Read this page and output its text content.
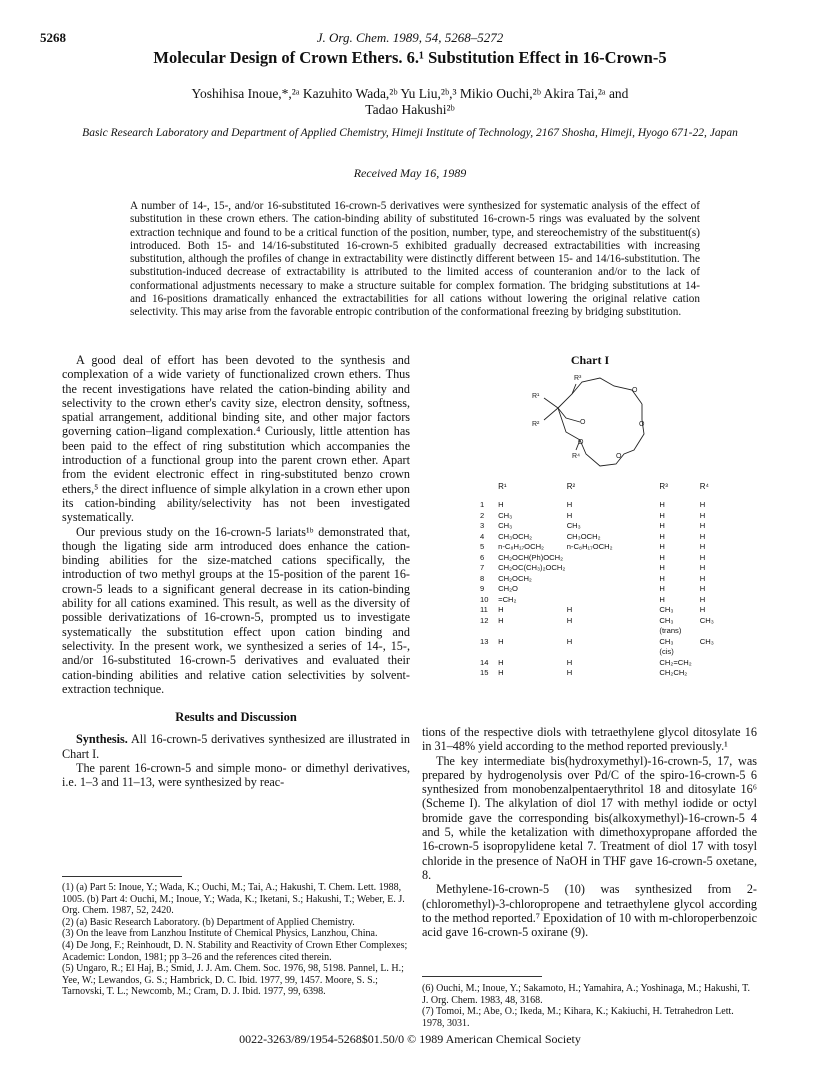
5268	J. Org. Chem. 1989, 54, 5268–5272
Molecular Design of Crown Ethers. 6.¹ Substitution Effect in 16-Crown-5
Yoshihisa Inoue,*,²ᵃ Kazuhito Wada,²ᵇ Yu Liu,²ᵇ,³ Mikio Ouchi,²ᵇ Akira Tai,²ᵃ and
Tadao Hakushi²ᵇ
Basic Research Laboratory and Department of Applied Chemistry, Himeji Institute of Technology, 2167 Shosha, Himeji, Hyogo 671-22, Japan
Received May 16, 1989
A number of 14-, 15-, and/or 16-substituted 16-crown-5 derivatives were synthesized for systematic analysis of the effect of substitution in these crown ethers. The cation-binding ability of substituted 16-crown-5 rings was evaluated by the solvent extraction technique and found to be a critical function of the position, number, type, and stereochemistry of the substituent(s) introduced. Both 15- and 14/16-substituted 16-crown-5 exhibited gradually decreased extractabilities with increasing substitution, although the profiles of change in extractability were distinctly different between 15- and 14/16-substitution. The substitution-induced decrease of extractability is attributed to the limited access of counteranion and/or to the lack of conformational adjustments necessary to make a structure suitable for complex formation. The bridging substitutions at 14- and 16-positions dramatically enhanced the extractabilities for all cations without lowering the original relative cation selectivity. This may arise from the favorable entropic contribution of the conformational freezing by bridging substitution.

A good deal of effort has been devoted to the synthesis and complexation of a wide variety of functionalized crown ethers. Thus the recent investigations have related the cation-binding ability and selectivity to the crown ether's cavity size, electron density, softness, spatial arrangement, additional binding site, and other major factors governing cation–ligand complexation.⁴ Curiously, little attention has been paid to the effect of ring substitution which accompanies the introduction of a functional group into the parent crown ether. Apart from the evident electronic effect in ring-substituted benzo crown ethers,⁵ the direct influence of simple alkylation in a crown ether upon its cation-binding ability/selectivity has not been investigated systematically.

Our previous study on the 16-crown-5 lariats¹ᵇ demonstrated that, though the ligating side arm introduced does enhance the cation-binding abilities for the size-matched cations specifically, the introduction of two methyl groups at the 15-position of the parent 16-crown-5 leads to a significant general decrease in its cation-binding ability for all cations examined. This result, as well as the diversity of possible derivatizations of 16-crown-5, prompted us to investigate systematically the substitution effect upon cation binding and selectivity. In the present work, we synthesized a series of 14-, 15-, and/or 16-substituted 16-crown-5 derivatives and evaluated their cation-binding abilities and relative cation selectivities by solvent-extraction technique.

Results and Discussion

Synthesis. All 16-crown-5 derivatives synthesized are illustrated in Chart I.

The parent 16-crown-5 and simple mono- or dimethyl derivatives, i.e. 1–3 and 11–13, were synthesized by reac-

(1) (a) Part 5: Inoue, Y.; Wada, K.; Ouchi, M.; Tai, A.; Hakushi, T. Chem. Lett. 1988, 1005. (b) Part 4: Ouchi, M.; Inoue, Y.; Wada, K.; Iketani, S.; Hakushi, T.; Weber, E. J. Org. Chem. 1987, 52, 2420.

(2) (a) Basic Research Laboratory. (b) Department of Applied Chemistry.

(3) On the leave from Lanzhou Institute of Chemical Physics, Lanzhou, China.

(4) De Jong, F.; Reinhoudt, D. N. Stability and Reactivity of Crown Ether Complexes; Academic: London, 1981; pp 3–26 and the references cited therein.

(5) Ungaro, R.; El Haj, B.; Smid, J. J. Am. Chem. Soc. 1976, 98, 5198. Pannel, L. H.; Yee, W.; Lewandos, G. S.; Hambrick, D. C. Ibid. 1977, 99, 1457. Moore, S. S.; Tarnovski, T. L.; Newcomb, M.; Cram, D. J. Ibid. 1977, 99, 6398.

Chart I
R³
R¹
R²
R⁴
O
O
O
O
O
	R¹	R²	R³	R⁴
1	H	H	H	H
2	CH₃	H	H	H
3	CH₃	CH₃	H	H
4	CH₃OCH₂	CH₃OCH₂	H	H
5	n-C₈H₁₇OCH₂	n-C₈H₁₇OCH₂	H	H
6	CH₂OCH(Ph)OCH₂		H	H
7	CH₂OC(CH₃)₂OCH₂		H	H
8	CH₂OCH₂		H	H
9	CH₂O		H	H
10	=CH₂		H	H
11	H	H	CH₃	H
12	H	H	CH₃	CH₃
			(trans)	
13	H	H	CH₃	CH₃
			(cis)	
14	H	H	CH₂=CH₂	
15	H	H	CH₂CH₂	

tions of the respective diols with tetraethylene glycol ditosylate 16 in 31–48% yield according to the method reported previously.¹

The key intermediate bis(hydroxymethyl)-16-crown-5, 17, was prepared by hydrogenolysis over Pd/C of the spiro-16-crown-5 6 synthesized from monobenzalpentaerythritol 18 and ditosylate 16⁶ (Scheme I). The alkylation of diol 17 with methyl iodide or octyl bromide gave the corresponding bis(alkoxymethyl)-16-crown-5 4 and 5, while the ketalization with dimethoxypropane afforded the 16-crown-5 isopropylidene ketal 7. Treatment of diol 17 with tosyl chloride in the presence of NaOH in THF gave 16-crown-5 oxetane, 8.

Methylene-16-crown-5 (10) was synthesized from 2-(chloromethyl)-3-chloropropene and tetraethylene glycol according to the method reported.⁷ Epoxidation of 10 with m-chloroperbenzoic acid gave 16-crown-5 oxirane (9).

(6) Ouchi, M.; Inoue, Y.; Sakamoto, H.; Yamahira, A.; Yoshinaga, M.; Hakushi, T. J. Org. Chem. 1983, 48, 3168.

(7) Tomoi, M.; Abe, O.; Ikeda, M.; Kihara, K.; Kakiuchi, H. Tetrahedron Lett. 1978, 3031.

0022-3263/89/1954-5268$01.50/0 © 1989 American Chemical Society
